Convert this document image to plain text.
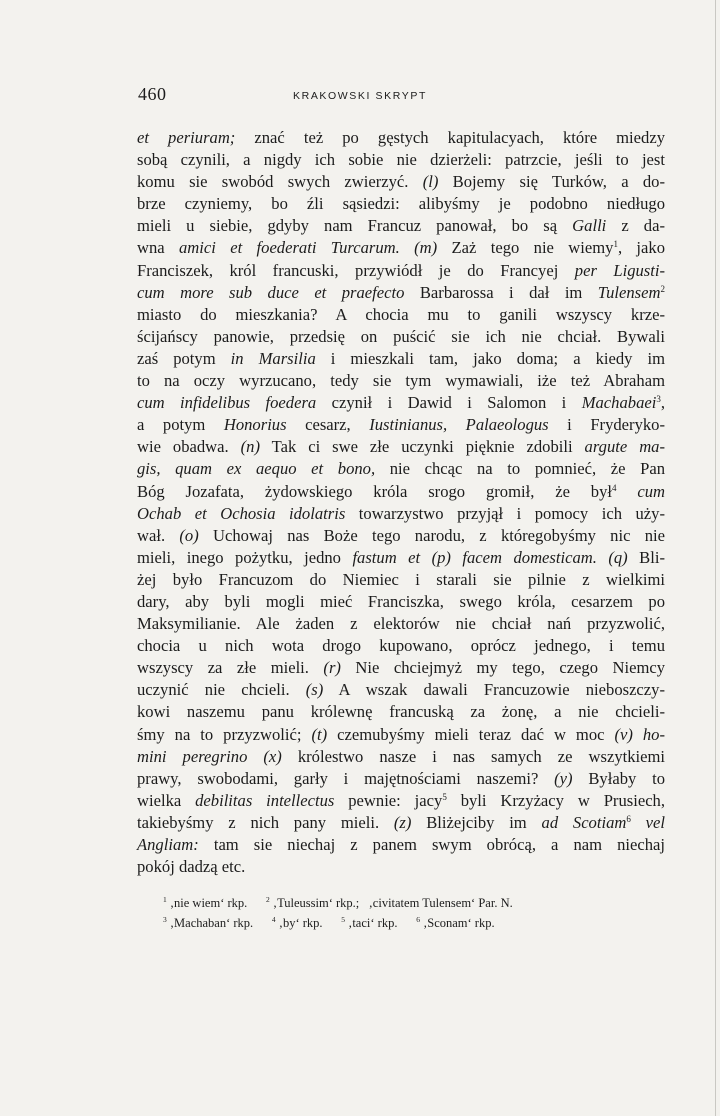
460	KRAKOWSKI SKRYPT
et periuram; znać też po gęstych kapitulacyach, które miedzy
sobą czynili, a nigdy ich sobie nie dzierżeli: patrzcie, jeśli to jest
komu sie swobód swych zwierzyć. (l) Bojemy się Turków, a do-
brze czyniemy, bo źli sąsiedzi: alibyśmy je podobno niedługo
mieli u siebie, gdyby nam Francuz panował, bo są Galli z da-
wna amici et foederati Turcarum. (m) Zaż tego nie wiemy$^1$, jako
Franciszek, król francuski, przywiódł je do Francyej per Ligusti-
cum more sub duce et praefecto Barbarossa i dał im Tulensem$^2$
miasto do mieszkania? A chocia mu to ganili wszyscy krze-
ścijańscy panowie, przedsię on puścić sie ich nie chciał. Bywali
zaś potym in Marsilia i mieszkali tam, jako doma; a kiedy im
to na oczy wyrzucano, tedy sie tym wymawiali, iże też Abraham
cum infidelibus foedera czynił i Dawid i Salomon i Machabaei$^3$,
a potym Honorius cesarz, Iustinianus, Palaeologus i Fryderyko-
wie obadwa. (n) Tak ci swe złe uczynki pięknie zdobili argute ma-
gis, quam ex aequo et bono, nie chcąc na to pomnieć, że Pan
Bóg Jozafata, żydowskiego króla srogo gromił, że był$^4$ cum
Ochab et Ochosia idolatris towarzystwo przyjął i pomocy ich uży-
wał. (o) Uchowaj nas Boże tego narodu, z któregobyśmy nic nie
mieli, inego pożytku, jedno fastum et (p) facem domesticam. (q) Bli-
żej było Francuzom do Niemiec i starali sie pilnie z wielkimi
dary, aby byli mogli mieć Franciszka, swego króla, cesarzem po
Maksymilianie. Ale żaden z elektorów nie chciał nań przyzwolić,
chocia u nich wota drogo kupowano, oprócz jednego, i temu
wszyscy za złe mieli. (r) Nie chciejmyż my tego, czego Niemcy
uczynić nie chcieli. (s) A wszak dawali Francuzowie nieboszczy-
kowi naszemu panu królewnę francuską za żonę, a nie chcieli-
śmy na to przyzwolić; (t) czemubyśmy mieli teraz dać w moc (v) ho-
mini peregrino (x) królestwo nasze i nas samych ze wszytkiemi
prawy, swobodami, garły i majętnościami naszemi? (y) Byłaby to
wielka debilitas intellectus pewnie: jacy$^5$ byli Krzyżacy w Prusiech,
takiebyśmy z nich pany mieli. (z) Bliżejciby im ad Scotiam$^6$ vel
Angliam: tam sie niechaj z panem swym obrócą, a nam niechaj
pokój dadzą etc.
$^1$ ‚nie wiem‘ rkp.      $^2$ ‚Tuleussim‘ rkp.;   ‚civitatem Tulensem‘ Par. N.
$^3$ ‚Machaban‘ rkp.      $^4$ ‚by‘ rkp.      $^5$ ‚taci‘ rkp.      $^6$ ‚Sconam‘ rkp.
